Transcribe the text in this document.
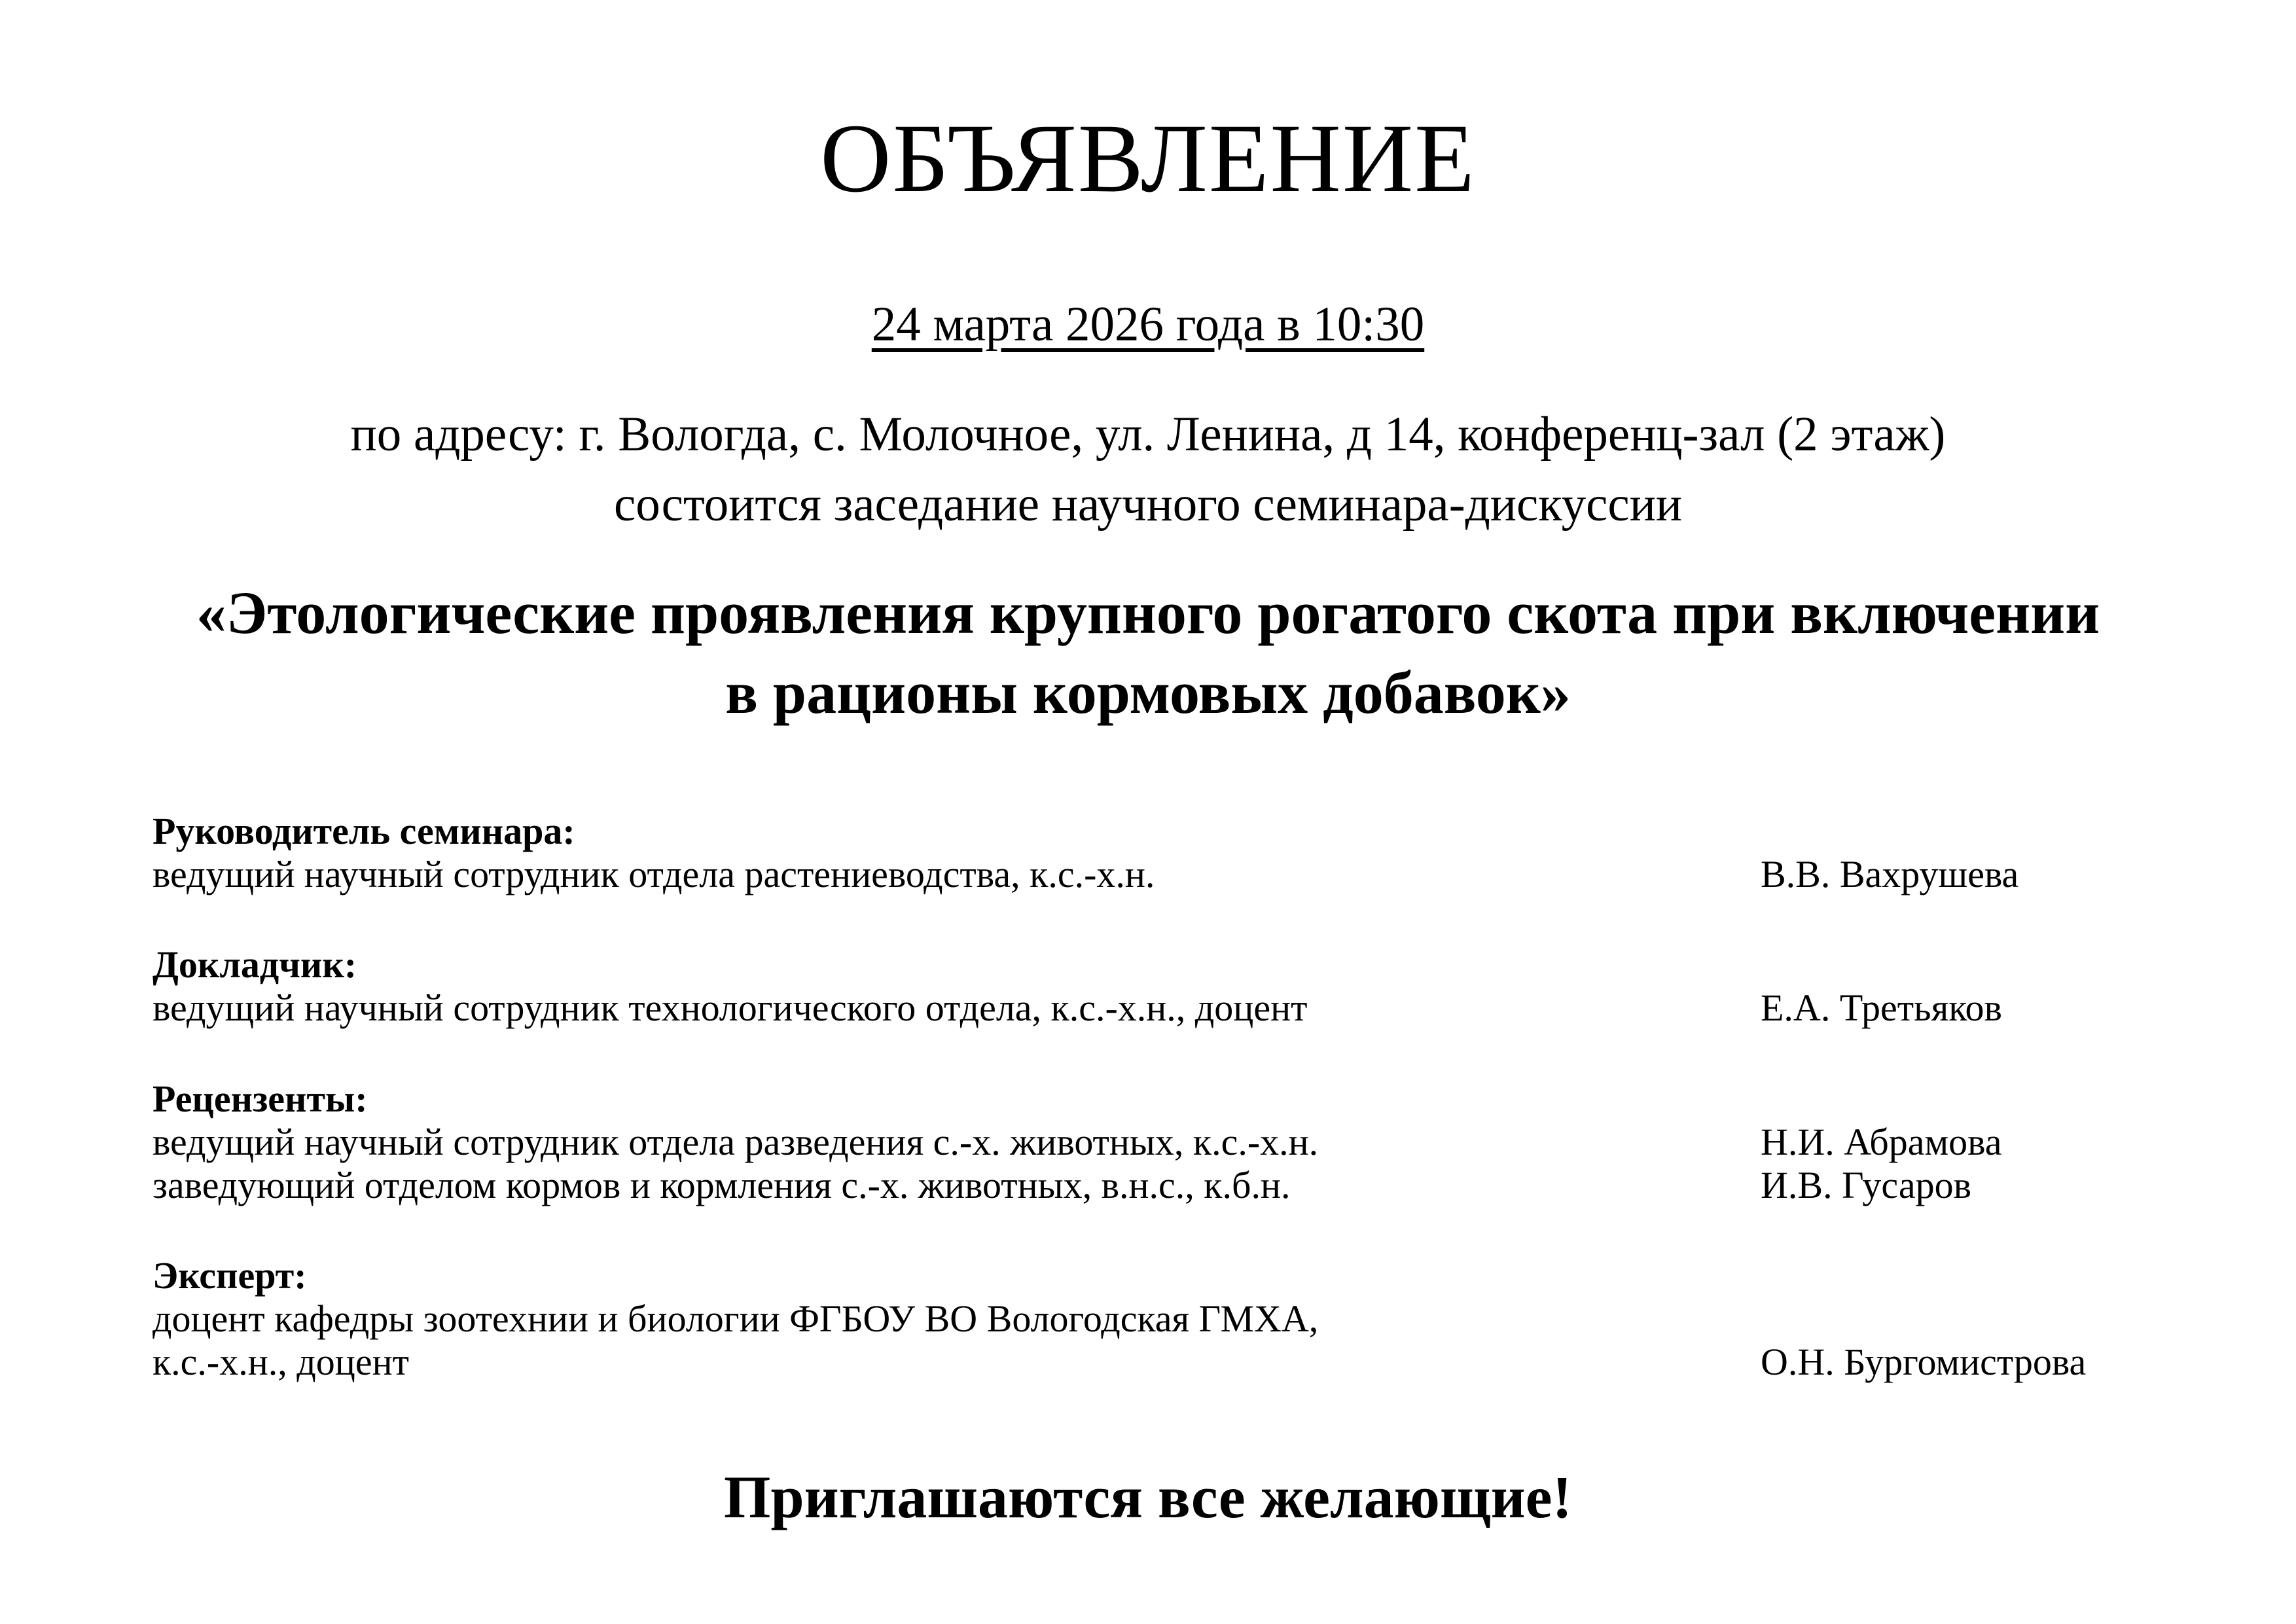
ОБЪЯВЛЕНИЕ
24 марта 2026 года в 10:30
по адресу: г. Вологда, с. Молочное, ул. Ленина, д 14, конференц-зал (2 этаж)
состоится заседание научного семинара-дискуссии
«Этологические проявления крупного рогатого скота при включении в рационы кормовых добавок»
Руководитель семинара:
ведущий научный сотрудник отдела растениеводства, к.с.-х.н.	В.В. Вахрушева
Докладчик:
ведущий научный сотрудник технологического отдела, к.с.-х.н., доцент	Е.А. Третьяков
Рецензенты:
ведущий научный сотрудник отдела разведения с.-х. животных, к.с.-х.н.	Н.И. Абрамова
заведующий отделом кормов и кормления с.-х. животных, в.н.с., к.б.н.	И.В. Гусаров
Эксперт:
доцент кафедры зоотехнии и биологии ФГБОУ ВО Вологодская ГМХА,
к.с.-х.н., доцент	О.Н. Бургомистрова
Приглашаются все желающие!
